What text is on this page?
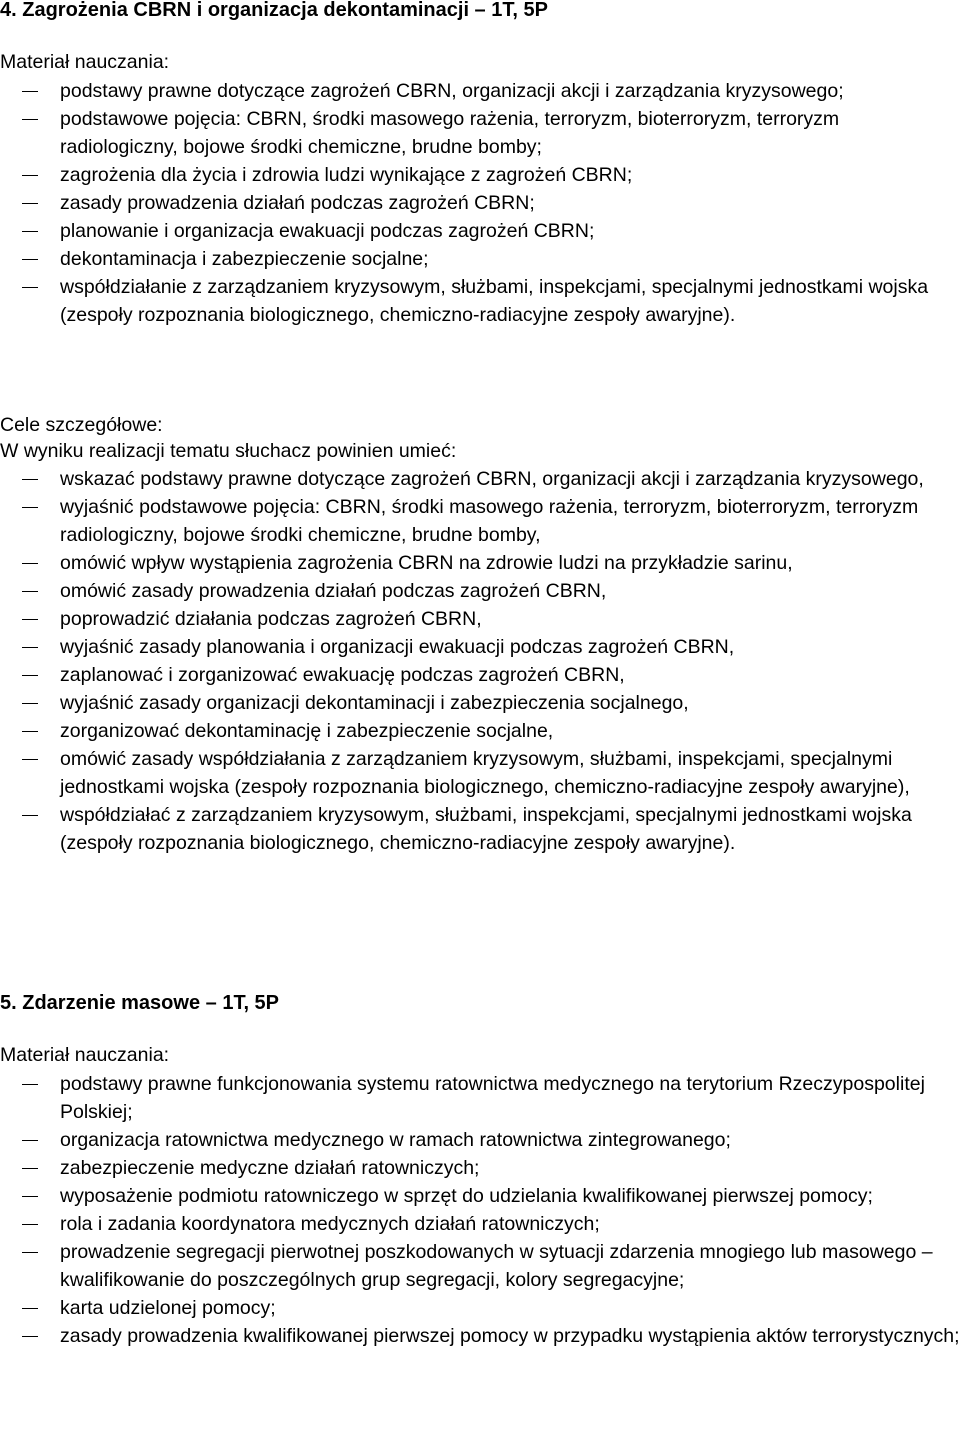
4. Zagrożenia CBRN i organizacja dekontaminacji – 1T, 5P
Materiał nauczania:
podstawy prawne dotyczące zagrożeń CBRN, organizacji akcji i zarządzania kryzysowego;
podstawowe pojęcia: CBRN, środki masowego rażenia, terroryzm, bioterroryzm, terroryzm radiologiczny, bojowe środki chemiczne, brudne bomby;
zagrożenia dla życia i zdrowia ludzi wynikające z zagrożeń CBRN;
zasady prowadzenia działań podczas zagrożeń CBRN;
planowanie i organizacja ewakuacji podczas zagrożeń CBRN;
dekontaminacja i zabezpieczenie socjalne;
współdziałanie z zarządzaniem kryzysowym, służbami, inspekcjami, specjalnymi jednostkami wojska (zespoły rozpoznania biologicznego, chemiczno-radiacyjne zespoły awaryjne).
Cele szczegółowe:
W wyniku realizacji tematu słuchacz powinien umieć:
wskazać podstawy prawne dotyczące zagrożeń CBRN, organizacji akcji i zarządzania kryzysowego,
wyjaśnić podstawowe pojęcia: CBRN, środki masowego rażenia, terroryzm, bioterroryzm, terroryzm radiologiczny, bojowe środki chemiczne, brudne bomby,
omówić wpływ wystąpienia zagrożenia CBRN na zdrowie ludzi na przykładzie sarinu,
omówić zasady prowadzenia działań podczas zagrożeń CBRN,
poprowadzić działania podczas zagrożeń CBRN,
wyjaśnić zasady planowania i organizacji ewakuacji podczas zagrożeń CBRN,
zaplanować i zorganizować ewakuację podczas zagrożeń CBRN,
wyjaśnić zasady organizacji dekontaminacji i zabezpieczenia socjalnego,
zorganizować dekontaminację i zabezpieczenie socjalne,
omówić zasady współdziałania z zarządzaniem kryzysowym, służbami, inspekcjami, specjalnymi jednostkami wojska (zespoły rozpoznania biologicznego, chemiczno-radiacyjne zespoły awaryjne),
współdziałać z zarządzaniem kryzysowym, służbami, inspekcjami, specjalnymi jednostkami wojska (zespoły rozpoznania biologicznego, chemiczno-radiacyjne zespoły awaryjne).
5. Zdarzenie masowe – 1T, 5P
Materiał nauczania:
podstawy prawne funkcjonowania systemu ratownictwa medycznego na terytorium Rzeczypospolitej Polskiej;
organizacja ratownictwa medycznego w ramach ratownictwa zintegrowanego;
zabezpieczenie medyczne działań ratowniczych;
wyposażenie podmiotu ratowniczego w sprzęt do udzielania kwalifikowanej pierwszej pomocy;
rola i zadania koordynatora medycznych działań ratowniczych;
prowadzenie segregacji pierwotnej poszkodowanych w sytuacji zdarzenia mnogiego lub masowego – kwalifikowanie do poszczególnych grup segregacji, kolory segregacyjne;
karta udzielonej pomocy;
zasady prowadzenia kwalifikowanej pierwszej pomocy w przypadku wystąpienia aktów terrorystycznych;
